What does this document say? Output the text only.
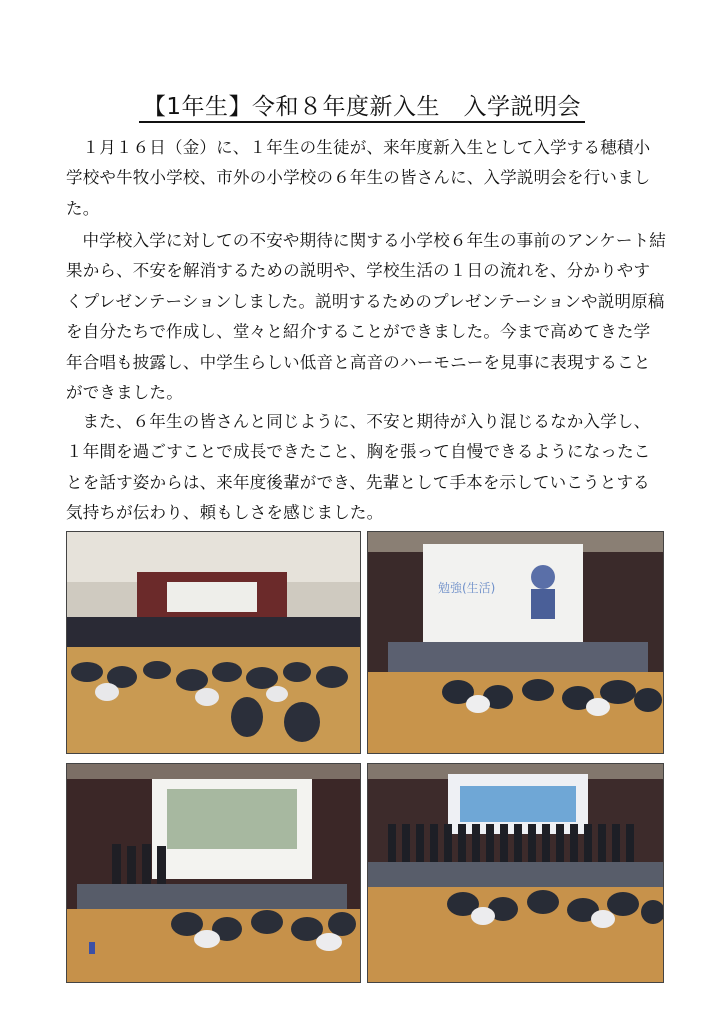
【1年生】令和８年度新入生　入学説明会
１月１６日（金）に、１年生の生徒が、来年度新入生として入学する穂積小学校や牛牧小学校、市外の小学校の６年生の皆さんに、入学説明会を行いました。
中学校入学に対しての不安や期待に関する小学校６年生の事前のアンケート結果から、不安を解消するための説明や、学校生活の１日の流れを、分かりやすくプレゼンテーションしました。説明するためのプレゼンテーションや説明原稿を自分たちで作成し、堂々と紹介することができました。今まで高めてきた学年合唱も披露し、中学生らしい低音と高音のハーモニーを見事に表現することができました。
また、６年生の皆さんと同じように、不安と期待が入り混じるなか入学し、１年間を過ごすことで成長できたこと、胸を張って自慢できるようになったことを話す姿からは、来年度後輩ができ、先輩として手本を示していこうとする気持ちが伝わり、頼もしさを感じました。
勉強(生活)
